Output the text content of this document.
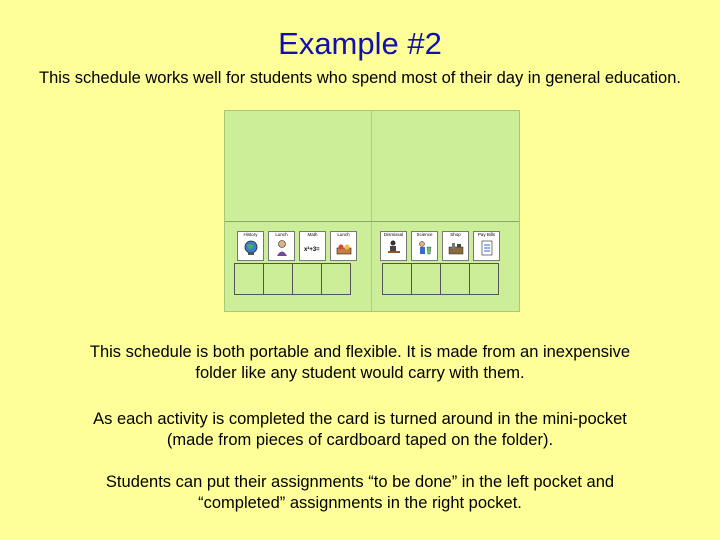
Example #2
This schedule works well for students who spend most of their day in general education.
History	Lunch	Math
x²+3=
Lunch	Dismissal	Science	Shop	Pay Bills
This schedule is both portable and flexible. It is made from an inexpensive folder like any student would carry with them.
As each activity is completed the card is turned around in the mini-pocket (made from pieces of cardboard taped on the folder).
Students can put their assignments “to be done” in the left pocket and “completed” assignments in the right pocket.
